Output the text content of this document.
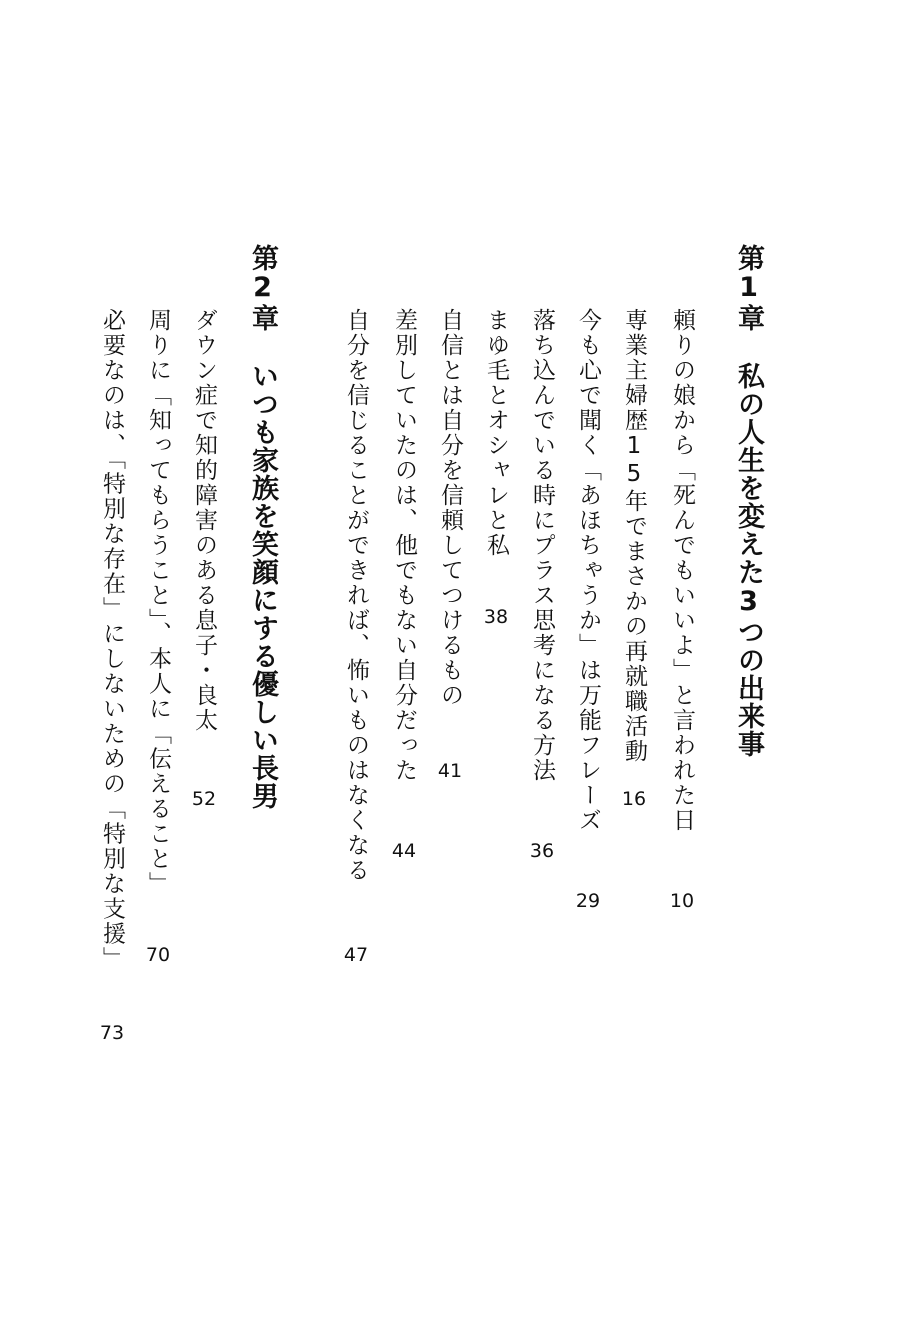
第1章私の人生を変えた3つの出来事
頼りの娘から「死んでもいいよ」と言われた日
10
専業主婦歴15年でまさかの再就職活動
16
今も心で聞く「あほちゃうか」は万能フレーズ
29
落ち込んでいる時にプラス思考になる方法
36
まゆ毛とオシャレと私
38
自信とは自分を信頼してつけるもの
41
差別していたのは、他でもない自分だった
44
自分を信じることができれば、怖いものはなくなる
47
第2章いつも家族を笑顔にする優しい長男
ダウン症で知的障害のある息子・良太
52
周りに「知ってもらうこと」、本人に「伝えること」
70
必要なのは、「特別な存在」にしないための「特別な支援」
73
